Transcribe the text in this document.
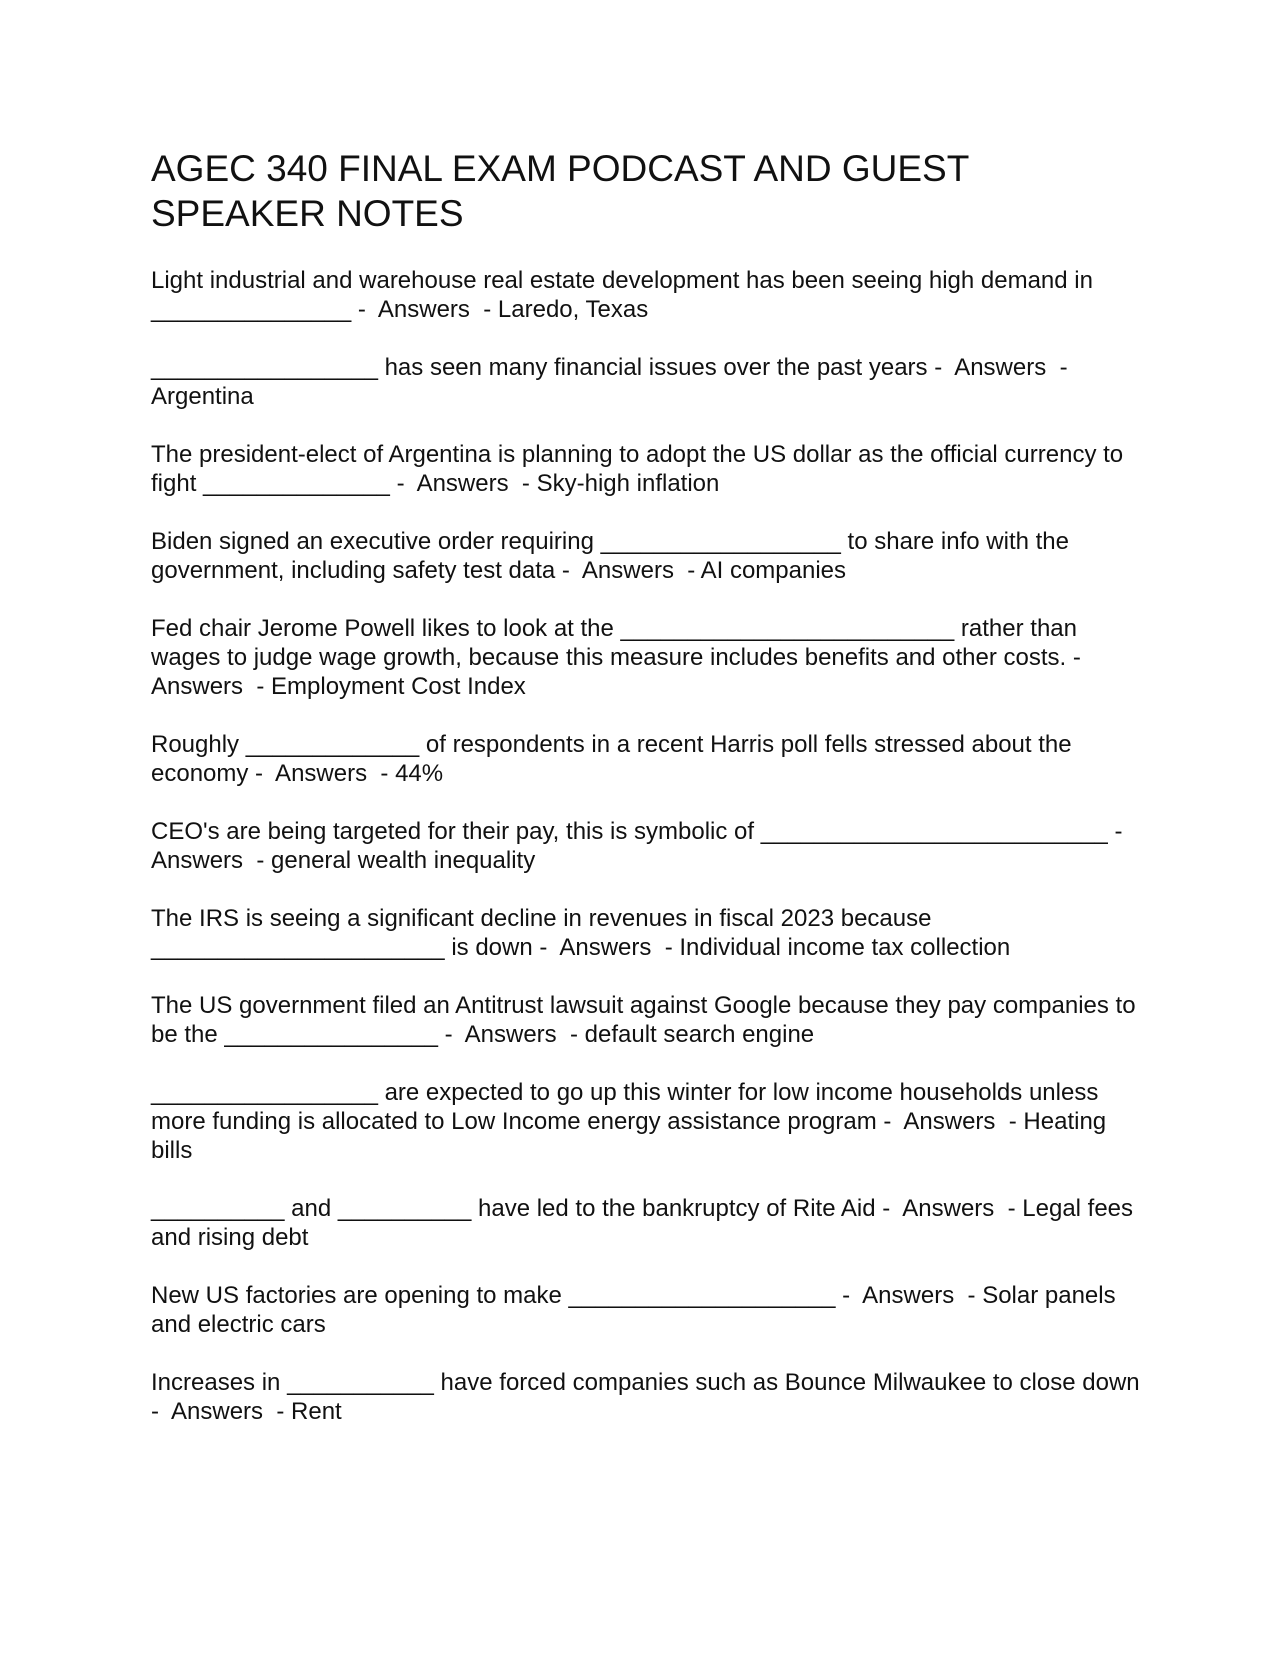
AGEC 340 FINAL EXAM PODCAST AND GUEST
SPEAKER NOTES

Light industrial and warehouse real estate development has been seeing high demand in _______________ -  Answers  - Laredo, Texas

_________________ has seen many financial issues over the past years -  Answers  - Argentina

The president-elect of Argentina is planning to adopt the US dollar as the official currency to fight ______________ -  Answers  - Sky-high inflation

Biden signed an executive order requiring __________________ to share info with the government, including safety test data -  Answers  - AI companies

Fed chair Jerome Powell likes to look at the _________________________ rather than wages to judge wage growth, because this measure includes benefits and other costs. -  Answers  - Employment Cost Index

Roughly _____________ of respondents in a recent Harris poll fells stressed about the economy -  Answers  - 44%

CEO's are being targeted for their pay, this is symbolic of __________________________ -  Answers  - general wealth inequality

The IRS is seeing a significant decline in revenues in fiscal 2023 because ______________________ is down -  Answers  - Individual income tax collection

The US government filed an Antitrust lawsuit against Google because they pay companies to be the ________________ -  Answers  - default search engine

_________________ are expected to go up this winter for low income households unless more funding is allocated to Low Income energy assistance program -  Answers  - Heating bills

__________ and __________ have led to the bankruptcy of Rite Aid -  Answers  - Legal fees and rising debt

New US factories are opening to make ____________________ -  Answers  - Solar panels and electric cars

Increases in ___________ have forced companies such as Bounce Milwaukee to close down -  Answers  - Rent
